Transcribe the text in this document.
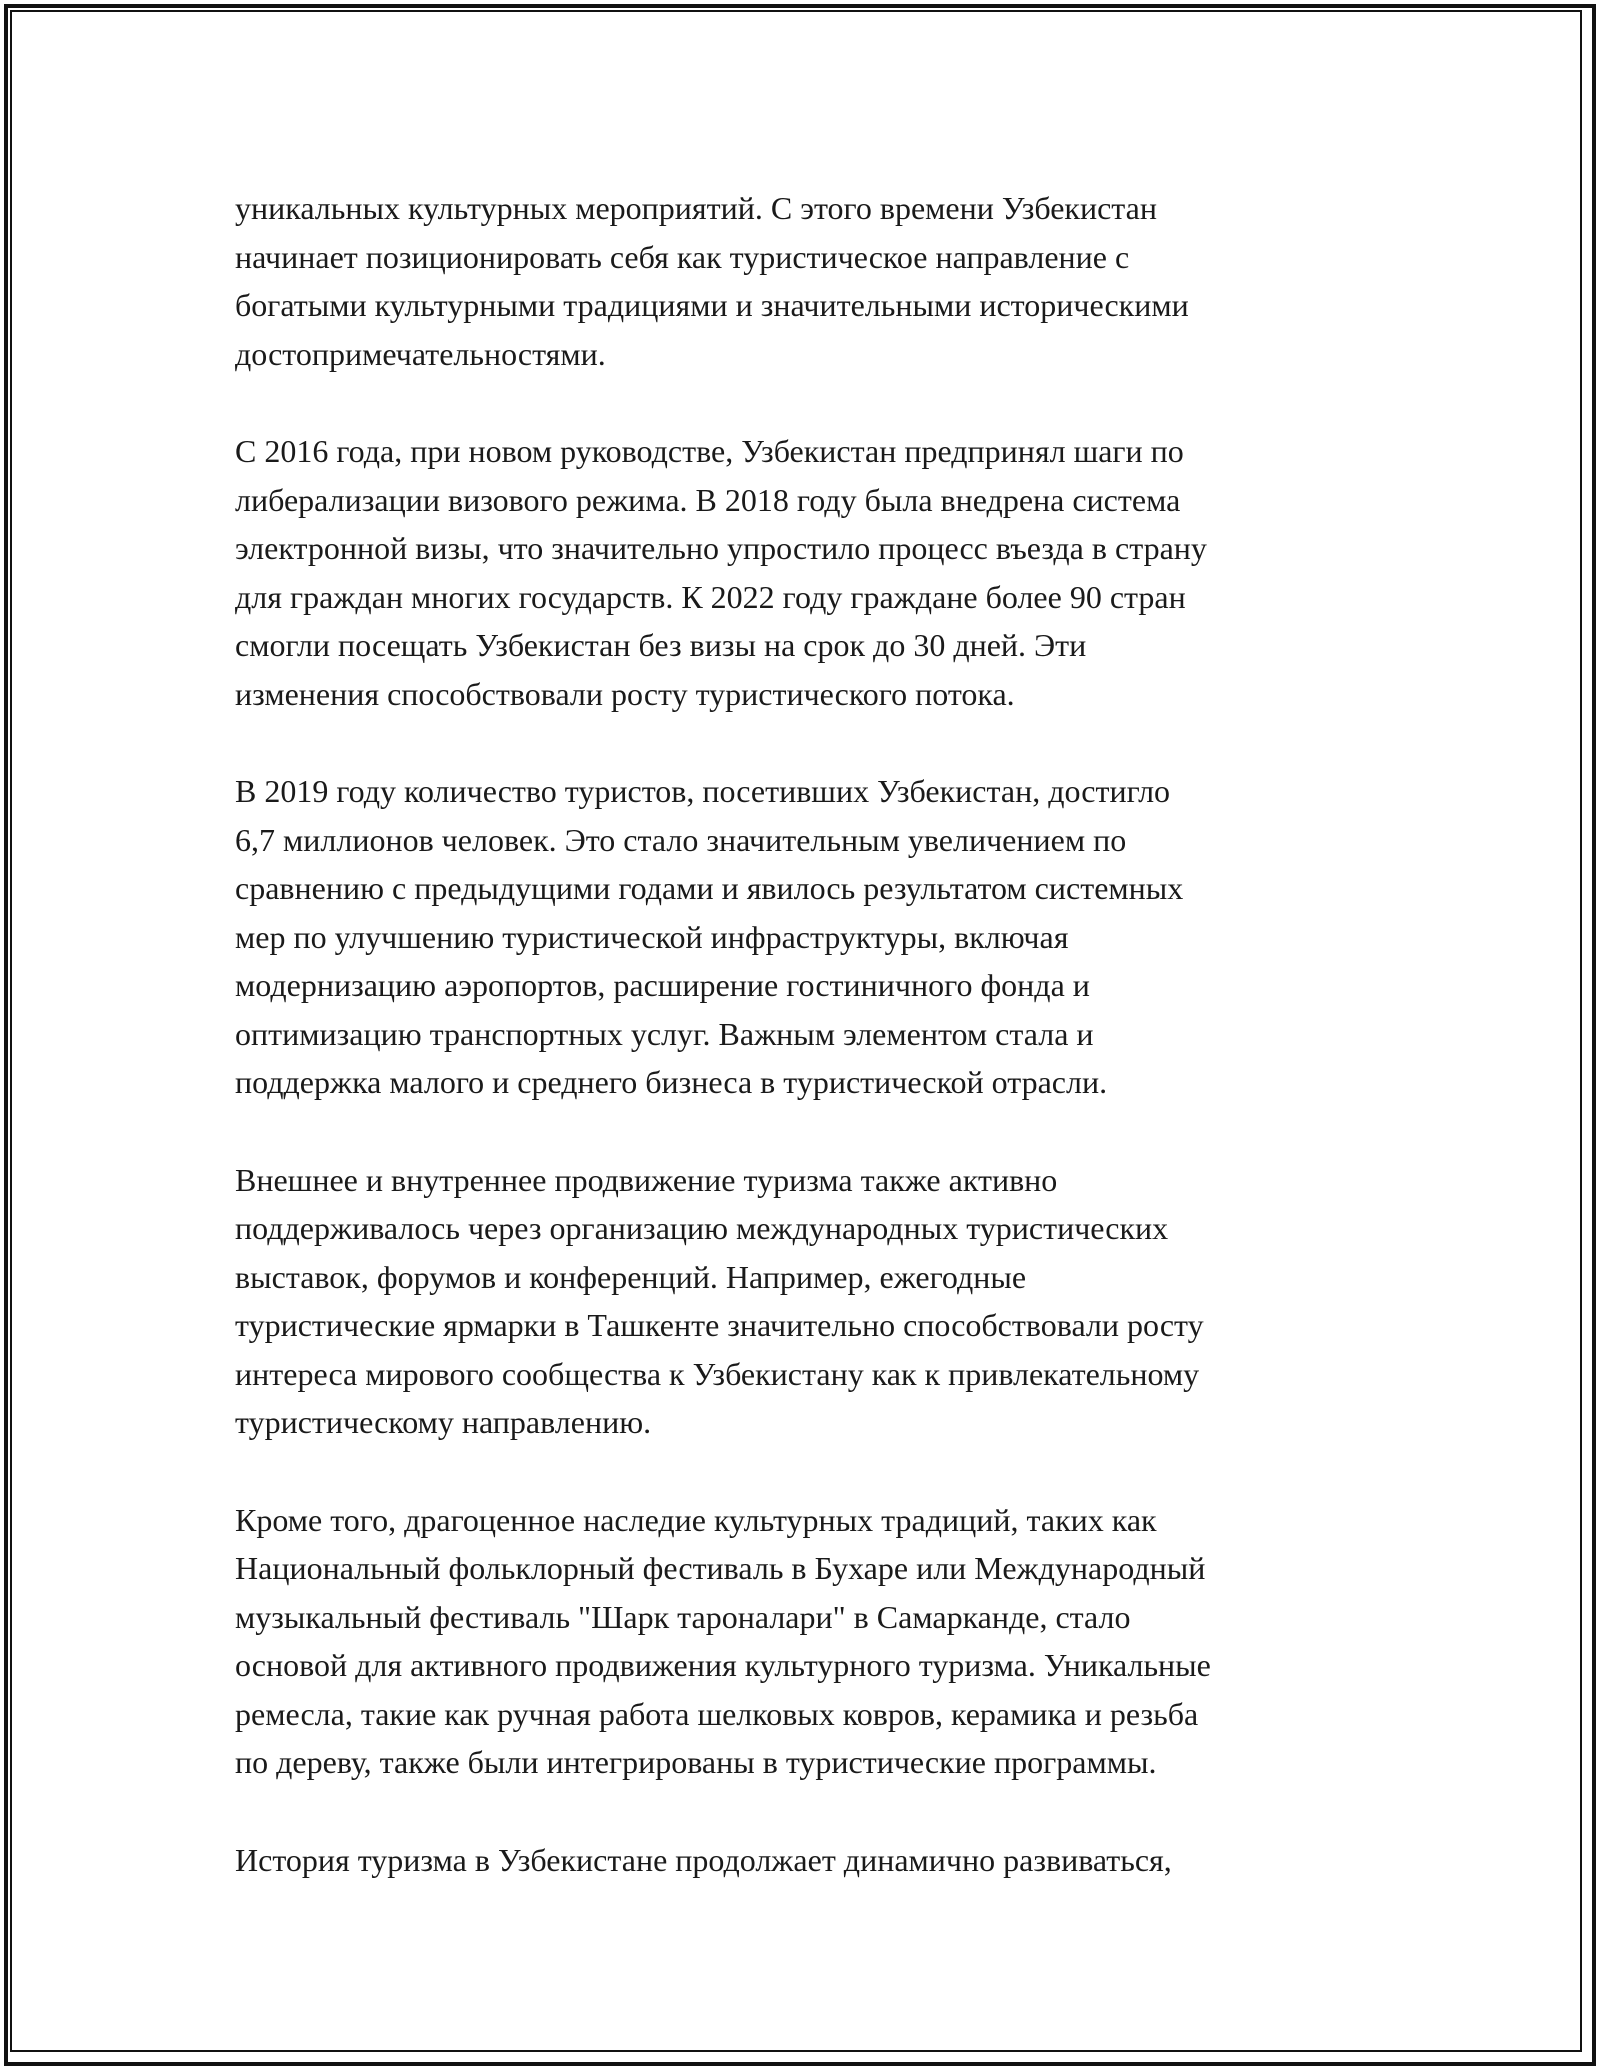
уникальных культурных мероприятий. С этого времени Узбекистан
начинает позиционировать себя как туристическое направление с
богатыми культурными традициями и значительными историческими
достопримечательностями.

С 2016 года, при новом руководстве, Узбекистан предпринял шаги по
либерализации визового режима. В 2018 году была внедрена система
электронной визы, что значительно упростило процесс въезда в страну
для граждан многих государств. К 2022 году граждане более 90 стран
смогли посещать Узбекистан без визы на срок до 30 дней. Эти
изменения способствовали росту туристического потока.

В 2019 году количество туристов, посетивших Узбекистан, достигло
6,7 миллионов человек. Это стало значительным увеличением по
сравнению с предыдущими годами и явилось результатом системных
мер по улучшению туристической инфраструктуры, включая
модернизацию аэропортов, расширение гостиничного фонда и
оптимизацию транспортных услуг. Важным элементом стала и
поддержка малого и среднего бизнеса в туристической отрасли.

Внешнее и внутреннее продвижение туризма также активно
поддерживалось через организацию международных туристических
выставок, форумов и конференций. Например, ежегодные
туристические ярмарки в Ташкенте значительно способствовали росту
интереса мирового сообщества к Узбекистану как к привлекательному
туристическому направлению.

Кроме того, драгоценное наследие культурных традиций, таких как
Национальный фольклорный фестиваль в Бухаре или Международный
музыкальный фестиваль "Шарк тароналари" в Самарканде, стало
основой для активного продвижения культурного туризма. Уникальные
ремесла, такие как ручная работа шелковых ковров, керамика и резьба
по дереву, также были интегрированы в туристические программы.

История туризма в Узбекистане продолжает динамично развиваться,
